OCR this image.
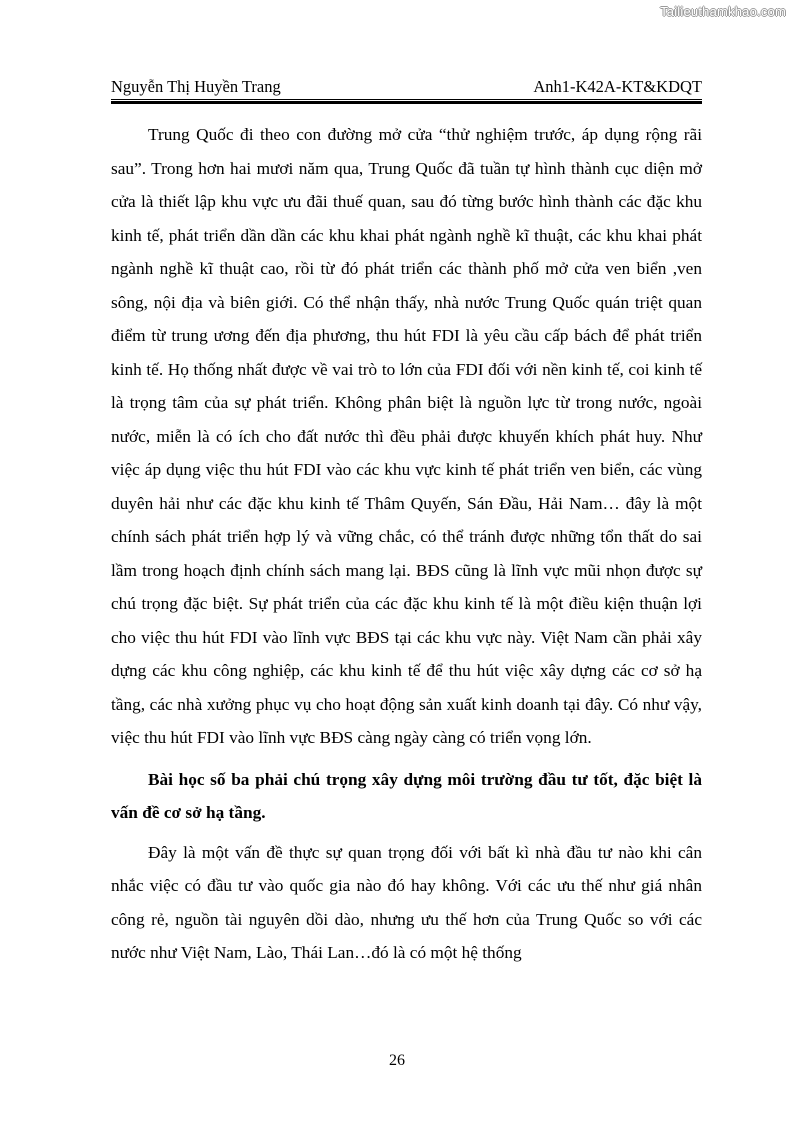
Tailieuthamkhao.com
Nguyễn Thị Huyền Trang	Anh1-K42A-KT&KDQT

Trung Quốc đi theo con đường mở cửa “thử nghiệm trước, áp dụng rộng rãi sau”. Trong hơn hai mươi năm qua, Trung Quốc đã tuần tự hình thành cục diện mở cửa là thiết lập khu vực ưu đãi thuế quan, sau đó từng bước hình thành các đặc khu kinh tế, phát triển dần dần các khu khai phát ngành nghề kĩ thuật, các khu khai phát ngành nghề kĩ thuật cao, rồi từ đó phát triển các thành phố mở cửa ven biển ,ven sông, nội địa và biên giới. Có thể nhận thấy, nhà nước Trung Quốc quán triệt quan điểm từ trung ương đến địa phương, thu hút FDI là yêu cầu cấp bách để phát triển kinh tế. Họ thống nhất được về vai trò to lớn của FDI đối với nền kinh tế, coi kinh tế là trọng tâm của sự phát triển. Không phân biệt là nguồn lực từ trong nước, ngoài nước, miễn là có ích cho đất nước thì đều phải được khuyến khích phát huy. Như việc áp dụng việc thu hút FDI vào các khu vực kinh tế phát triển ven biển, các vùng duyên hải như các đặc khu kinh tế Thâm Quyến, Sán Đầu, Hải Nam… đây là một chính sách phát triển hợp lý và vững chắc, có thể tránh được những tổn thất do sai lầm trong hoạch định chính sách mang lại. BĐS cũng là lĩnh vực mũi nhọn được sự chú trọng đặc biệt. Sự phát triển của các đặc khu kinh tế là một điều kiện thuận lợi cho việc thu hút FDI vào lĩnh vực BĐS tại các khu vực này. Việt Nam cần phải xây dựng các khu công nghiệp, các khu kinh tế để thu hút việc xây dựng các cơ sở hạ tầng, các nhà xưởng phục vụ cho hoạt động sản xuất kinh doanh tại đây. Có như vậy, việc thu hút FDI vào lĩnh vực BĐS càng ngày càng có triển vọng lớn.

Bài học số ba phải chú trọng xây dựng môi trường đầu tư tốt, đặc biệt là vấn đề cơ sở hạ tầng.

Đây là một vấn đề thực sự quan trọng đối với bất kì nhà đầu tư nào khi cân nhắc việc có đầu tư vào quốc gia nào đó hay không. Với các ưu thế như giá nhân công rẻ, nguồn tài nguyên dồi dào, nhưng ưu thế hơn của Trung Quốc so với các nước như Việt Nam, Lào, Thái Lan…đó là có một hệ thống

26
